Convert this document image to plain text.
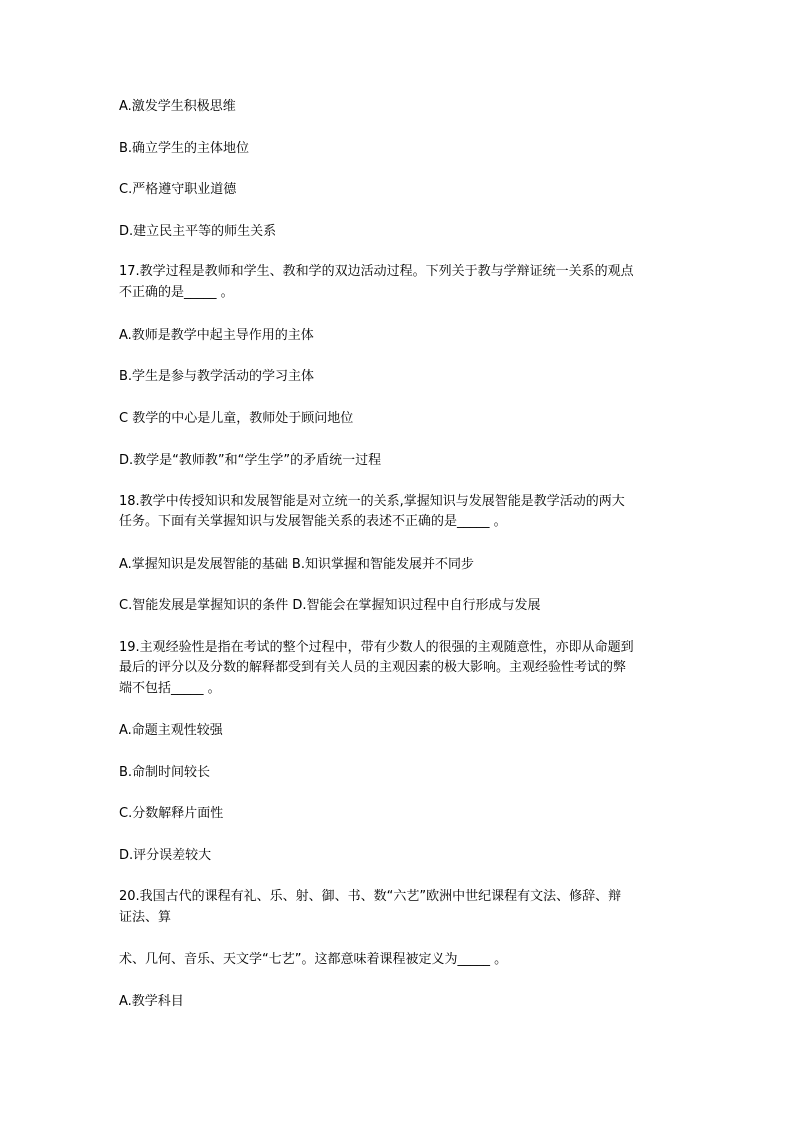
A.激发学生积极思维
B.确立学生的主体地位
C.严格遵守职业道德
D.建立民主平等的师生关系
17.教学过程是教师和学生、教和学的双边活动过程。下列关于教与学辩证统一关系的观点
不正确的是_____ 。
A.教师是教学中起主导作用的主体
B.学生是参与教学活动的学习主体
C 教学的中心是儿童，教师处于顾问地位
D.教学是“教师教”和“学生学”的矛盾统一过程
18.教学中传授知识和发展智能是对立统一的关系,掌握知识与发展智能是教学活动的两大
任务。下面有关掌握知识与发展智能关系的表述不正确的是_____ 。
A.掌握知识是发展智能的基础 B.知识掌握和智能发展并不同步
C.智能发展是掌握知识的条件 D.智能会在掌握知识过程中自行形成与发展
19.主观经验性是指在考试的整个过程中，带有少数人的很强的主观随意性，亦即从命题到
最后的评分以及分数的解释都受到有关人员的主观因素的极大影响。主观经验性考试的弊
端不包括_____ 。
A.命题主观性较强
B.命制时间较长
C.分数解释片面性
D.评分误差较大
20.我国古代的课程有礼、乐、射、御、书、数“六艺”欧洲中世纪课程有文法、修辞、辩
证法、算
术、几何、音乐、天文学“七艺”。这都意味着课程被定义为_____ 。
A.教学科目
